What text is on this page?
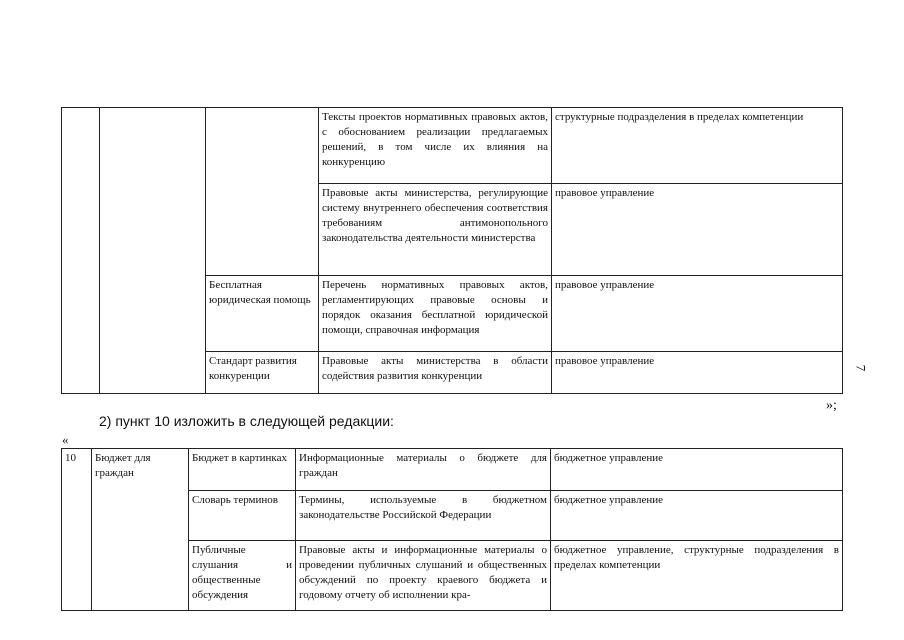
			Тексты проектов нормативных правовых актов, с обоснованием реализации предлагаемых решений, в том числе их влияния на конкуренцию	структурные подразделения в пределах компетенции
			Правовые акты министерства, регулирующие систему внутреннего обеспечения соответствия требованиям антимонопольного законодательства деятельности министерства	правовое управление
		Бесплатная юридическая помощь	Перечень нормативных правовых актов, регламентирующих правовые основы и порядок оказания бесплатной юридической помощи, справочная информация	правовое управление
		Стандарт развития конкуренции	Правовые акты министерства в области содействия развития конкуренции	правовое управление
»;
2) пункт 10 изложить в следующей редакции:
«
7
10	Бюджет для граждан	Бюджет в картинках	Информационные материалы о бюджете для граждан	бюджетное управление
		Словарь терминов	Термины, используемые в бюджетном законодательстве Российской Федерации	бюджетное управление
		Публичные слушания и общественные обсуждения	Правовые акты и информационные материалы о проведении публичных слушаний и общественных обсуждений по проекту краевого бюджета и годовому отчету об исполнении кра-	бюджетное управление, структурные подразделения в пределах компетенции
